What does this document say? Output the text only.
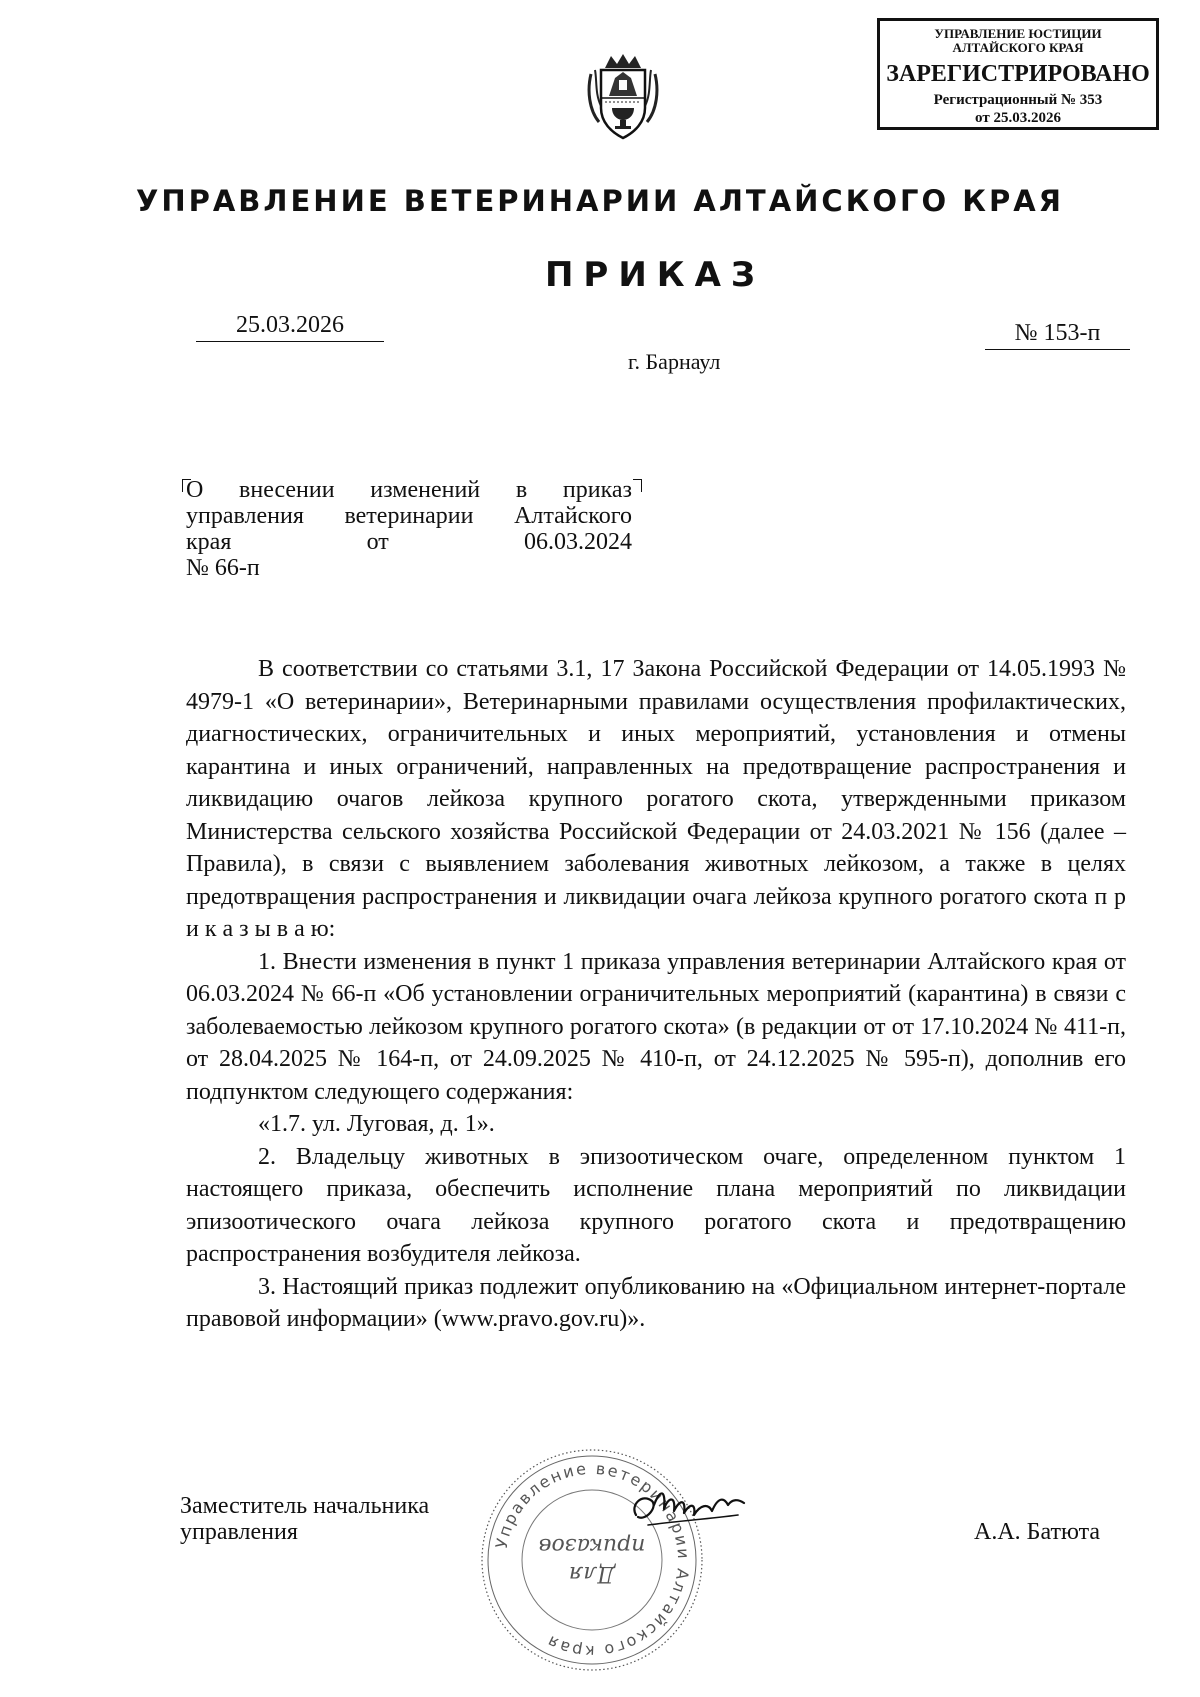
УПРАВЛЕНИЕ ЮСТИЦИИ
АЛТАЙСКОГО КРАЯ
ЗАРЕГИСТРИРОВАНО
Регистрационный № 353
от 25.03.2026
УПРАВЛЕНИЕ ВЕТЕРИНАРИИ АЛТАЙСКОГО КРАЯ
ПРИКАЗ
25.03.2026	№ 153-п
г. Барнаул
О внесении изменений в приказ
управления ветеринарии Алтайского
края от 06.03.2024
№ 66-п

В соответствии со статьями 3.1, 17 Закона Российской Федерации от 14.05.1993 № 4979-1 «О ветеринарии», Ветеринарными правилами осуществления профилактических, диагностических, ограничительных и иных мероприятий, установления и отмены карантина и иных ограничений, направленных на предотвращение распространения и ликвидацию очагов лейкоза крупного рогатого скота, утвержденными приказом Министерства сельского хозяйства Российской Федерации от 24.03.2021 № 156 (далее – Правила), в связи с выявлением заболевания животных лейкозом, а также в целях предотвращения распространения и ликвидации очага лейкоза крупного рогатого скота п р и к а з ы в а ю:

1. Внести изменения в пункт 1 приказа управления ветеринарии Алтайского края от 06.03.2024 № 66-п «Об установлении ограничительных мероприятий (карантина) в связи с заболеваемостью лейкозом крупного рогатого скота» (в редакции от от 17.10.2024 № 411-п, от 28.04.2025 № 164-п, от 24.09.2025 № 410-п, от 24.12.2025 № 595-п), дополнив его подпунктом следующего содержания:

«1.7. ул. Луговая, д. 1».

2. Владельцу животных в эпизоотическом очаге, определенном пунктом 1 настоящего приказа, обеспечить исполнение плана мероприятий по ликвидации эпизоотического очага лейкоза крупного рогатого скота и предотвращению распространения возбудителя лейкоза.

3. Настоящий приказ подлежит опубликованию на «Официальном интернет-портале правовой информации» (www.pravo.gov.ru)».

Заместитель начальника
управления	А.А. Батюта
Управление ветеринарии Алтайского края
Для
приказов
